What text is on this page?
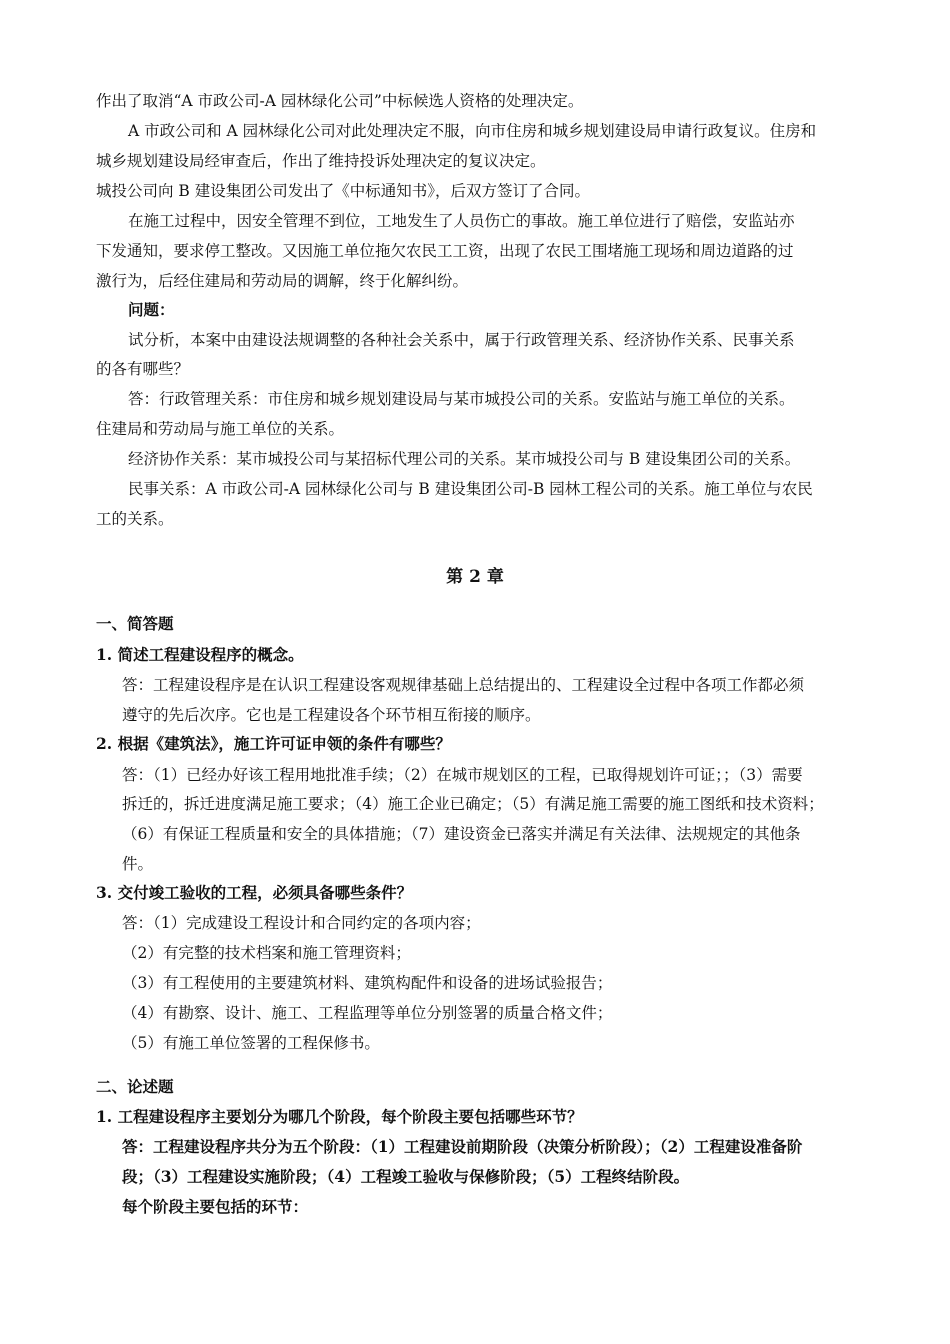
作出了取消“A 市政公司-A 园林绿化公司”中标候选人资格的处理决定。
A 市政公司和 A 园林绿化公司对此处理决定不服，向市住房和城乡规划建设局申请行政复议。住房和
城乡规划建设局经审查后，作出了维持投诉处理决定的复议决定。
城投公司向 B 建设集团公司发出了《中标通知书》，后双方签订了合同。
在施工过程中，因安全管理不到位，工地发生了人员伤亡的事故。施工单位进行了赔偿，安监站亦
下发通知，要求停工整改。又因施工单位拖欠农民工工资，出现了农民工围堵施工现场和周边道路的过
激行为，后经住建局和劳动局的调解，终于化解纠纷。
问题：
试分析，本案中由建设法规调整的各种社会关系中，属于行政管理关系、经济协作关系、民事关系
的各有哪些？
答：行政管理关系：市住房和城乡规划建设局与某市城投公司的关系。安监站与施工单位的关系。
住建局和劳动局与施工单位的关系。
经济协作关系：某市城投公司与某招标代理公司的关系。某市城投公司与 B 建设集团公司的关系。
民事关系：A 市政公司-A 园林绿化公司与 B 建设集团公司-B 园林工程公司的关系。施工单位与农民
工的关系。
第 2 章
一、简答题
1. 简述工程建设程序的概念。
答：工程建设程序是在认识工程建设客观规律基础上总结提出的、工程建设全过程中各项工作都必须
遵守的先后次序。它也是工程建设各个环节相互衔接的顺序。
2. 根据《建筑法》，施工许可证申领的条件有哪些？
答：（1）已经办好该工程用地批准手续；（2）在城市规划区的工程，已取得规划许可证；；（3）需要
拆迁的，拆迁进度满足施工要求；（4）施工企业已确定；（5）有满足施工需要的施工图纸和技术资料；
（6）有保证工程质量和安全的具体措施；（7）建设资金已落实并满足有关法律、法规规定的其他条
件。
3. 交付竣工验收的工程，必须具备哪些条件？
答：（1）完成建设工程设计和合同约定的各项内容；
（2）有完整的技术档案和施工管理资料；
（3）有工程使用的主要建筑材料、建筑构配件和设备的进场试验报告；
（4）有勘察、设计、施工、工程监理等单位分别签署的质量合格文件；
（5）有施工单位签署的工程保修书。
二、论述题
1. 工程建设程序主要划分为哪几个阶段，每个阶段主要包括哪些环节？
答：工程建设程序共分为五个阶段：（1）工程建设前期阶段（决策分析阶段）；（2）工程建设准备阶
段；（3）工程建设实施阶段；（4）工程竣工验收与保修阶段；（5）工程终结阶段。
每个阶段主要包括的环节：
